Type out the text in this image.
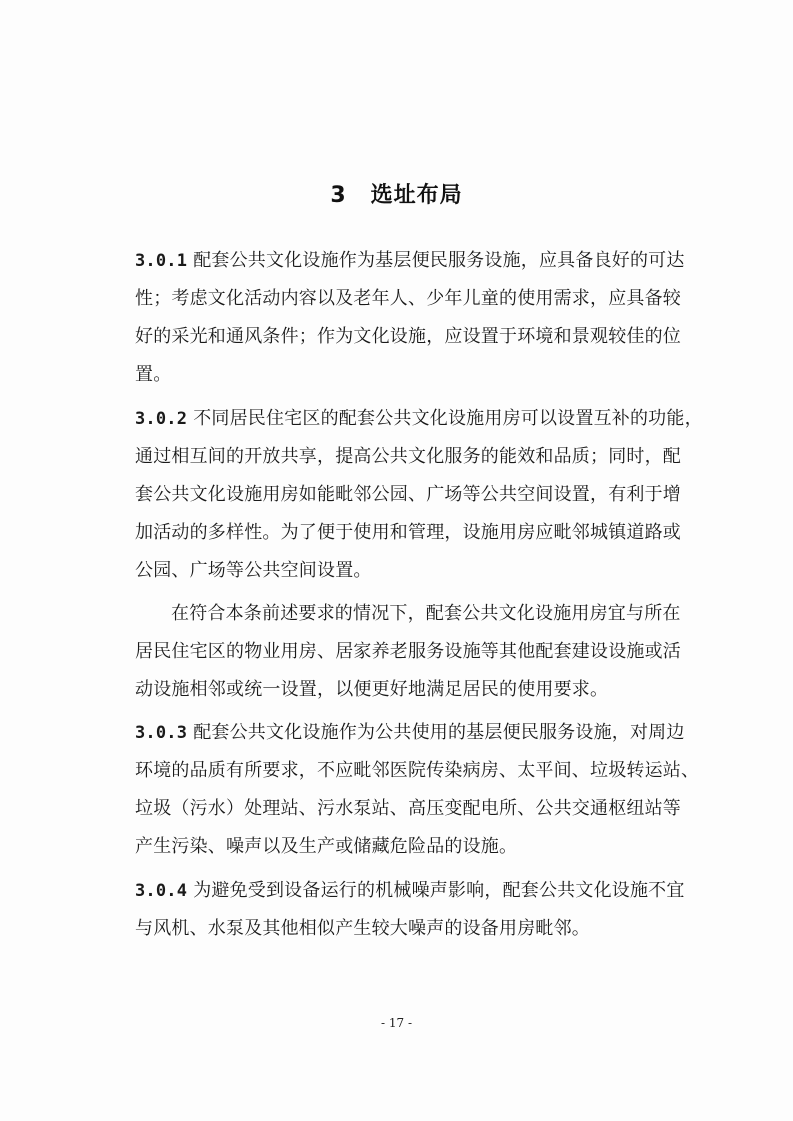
3 选址布局
3.0.1 配套公共文化设施作为基层便民服务设施，应具备良好的可达
性；考虑文化活动内容以及老年人、少年儿童的使用需求，应具备较
好的采光和通风条件；作为文化设施，应设置于环境和景观较佳的位
置。
3.0.2 不同居民住宅区的配套公共文化设施用房可以设置互补的功能，
通过相互间的开放共享，提高公共文化服务的能效和品质；同时，配
套公共文化设施用房如能毗邻公园、广场等公共空间设置，有利于增
加活动的多样性。为了便于使用和管理，设施用房应毗邻城镇道路或
公园、广场等公共空间设置。
在符合本条前述要求的情况下，配套公共文化设施用房宜与所在
居民住宅区的物业用房、居家养老服务设施等其他配套建设设施或活
动设施相邻或统一设置，以便更好地满足居民的使用要求。
3.0.3 配套公共文化设施作为公共使用的基层便民服务设施，对周边
环境的品质有所要求，不应毗邻医院传染病房、太平间、垃圾转运站、
垃圾（污水）处理站、污水泵站、高压变配电所、公共交通枢纽站等
产生污染、噪声以及生产或储藏危险品的设施。
3.0.4 为避免受到设备运行的机械噪声影响，配套公共文化设施不宜
与风机、水泵及其他相似产生较大噪声的设备用房毗邻。
- 17 -
